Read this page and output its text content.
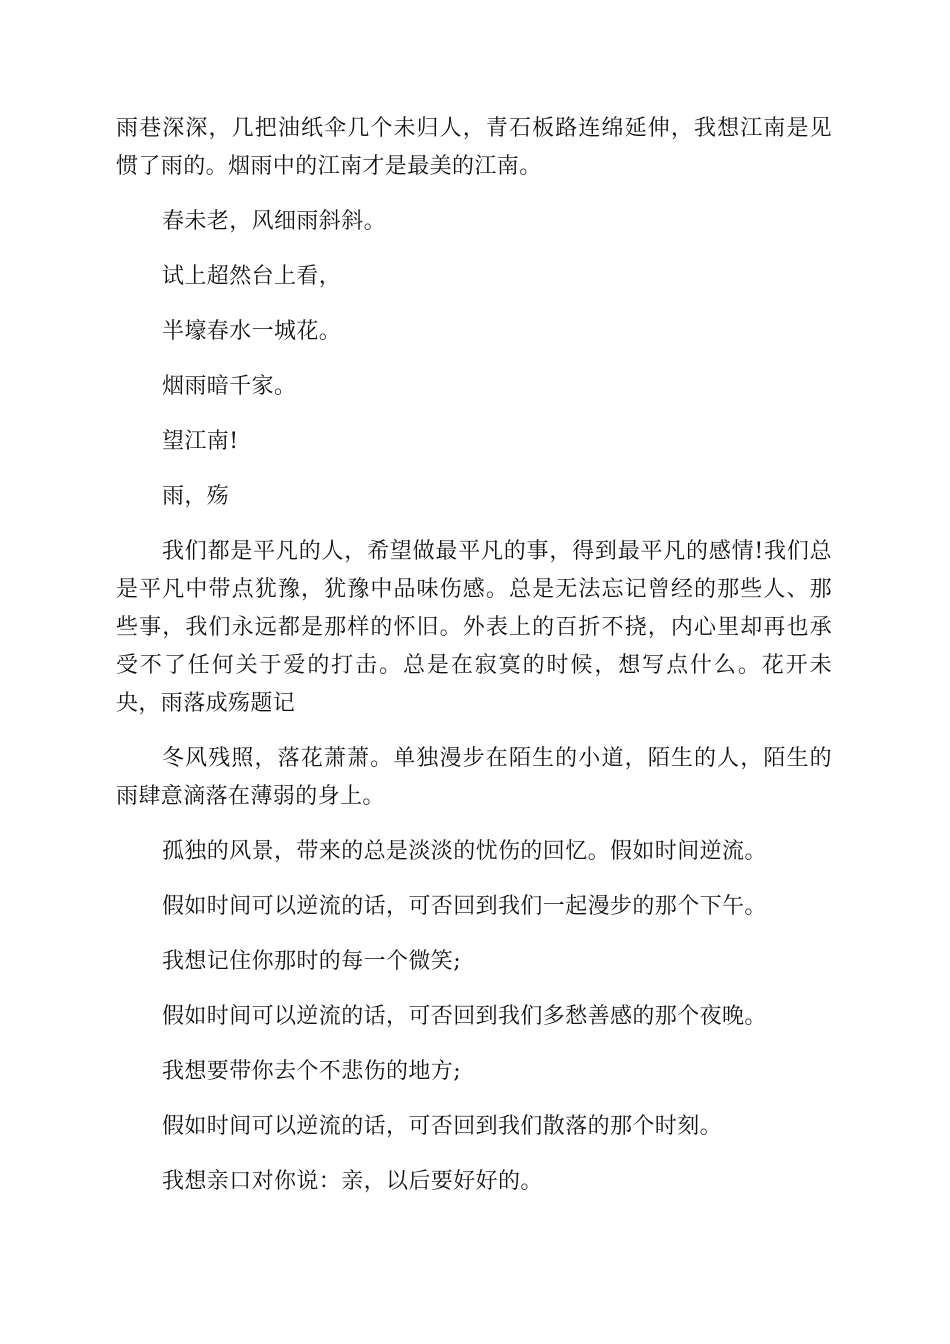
雨巷深深，几把油纸伞几个未归人，青石板路连绵延伸，我想江南是见惯了雨的。烟雨中的江南才是最美的江南。

春未老，风细雨斜斜。

试上超然台上看，

半壕春水一城花。

烟雨暗千家。

望江南!

雨，殇

我们都是平凡的人，希望做最平凡的事，得到最平凡的感情!我们总是平凡中带点犹豫，犹豫中品味伤感。总是无法忘记曾经的那些人、那些事，我们永远都是那样的怀旧。外表上的百折不挠，内心里却再也承受不了任何关于爱的打击。总是在寂寞的时候，想写点什么。花开未央，雨落成殇题记

冬风残照，落花萧萧。单独漫步在陌生的小道，陌生的人，陌生的雨肆意滴落在薄弱的身上。

孤独的风景，带来的总是淡淡的忧伤的回忆。假如时间逆流。

假如时间可以逆流的话，可否回到我们一起漫步的那个下午。

我想记住你那时的每一个微笑;

假如时间可以逆流的话，可否回到我们多愁善感的那个夜晚。

我想要带你去个不悲伤的地方;

假如时间可以逆流的话，可否回到我们散落的那个时刻。

我想亲口对你说：亲，以后要好好的。
